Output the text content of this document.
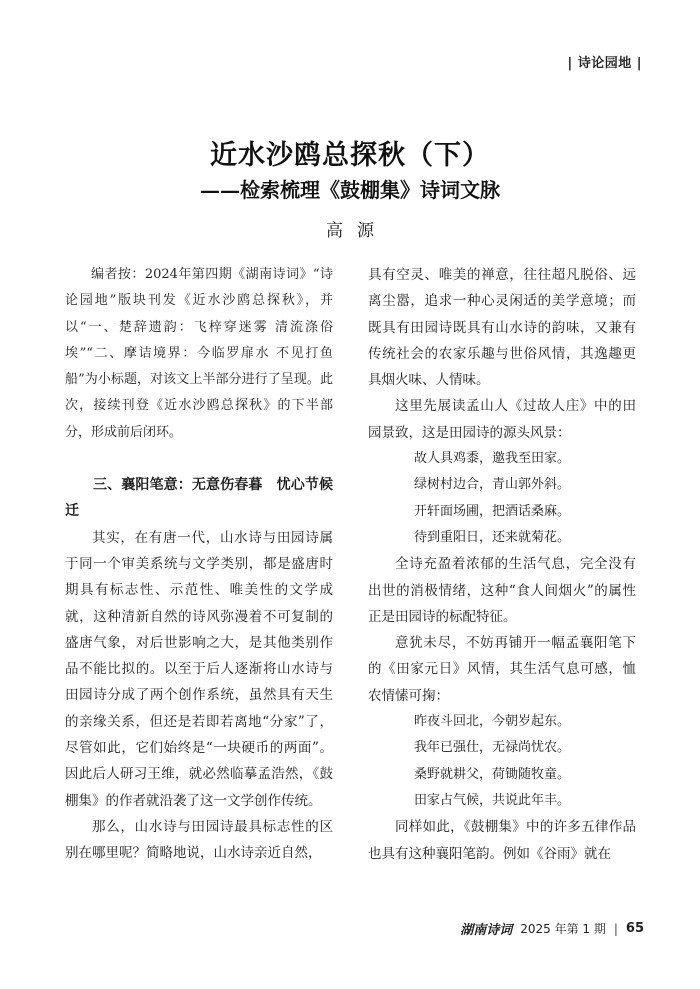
| 诗论园地 |
近水沙鸥总探秋（下）
——检索梳理《鼓棚集》诗词文脉
高源

编者按：2024年第四期《湖南诗词》“诗论园地”版块刊发《近水沙鸥总探秋》，并以“一、楚辞遗韵：飞梓穿迷雾 清流涤俗埃”“二、摩诘境界：今临罗扉水 不见打鱼船”为小标题，对该文上半部分进行了呈现。此次，接续刊登《近水沙鸥总探秋》的下半部分，形成前后闭环。

三、襄阳笔意：无意伤春暮　忧心节候迁

其实，在有唐一代，山水诗与田园诗属于同一个审美系统与文学类别，都是盛唐时期具有标志性、示范性、唯美性的文学成就，这种清新自然的诗风弥漫着不可复制的盛唐气象，对后世影响之大，是其他类别作品不能比拟的。以至于后人逐渐将山水诗与田园诗分成了两个创作系统，虽然具有天生的亲缘关系，但还是若即若离地“分家”了，尽管如此，它们始终是“一块硬币的两面”。因此后人研习王维，就必然临摹孟浩然，《鼓棚集》的作者就沿袭了这一文学创作传统。

那么，山水诗与田园诗最具标志性的区别在哪里呢？简略地说，山水诗亲近自然，

具有空灵、唯美的禅意，往往超凡脱俗、远离尘嚣，追求一种心灵闲适的美学意境；而既具有田园诗既具有山水诗的韵味，又兼有传统社会的农家乐趣与世俗风情，其逸趣更具烟火味、人情味。

这里先展读孟山人《过故人庄》中的田园景致，这是田园诗的源头风景：

故人具鸡黍，邀我至田家。
绿树村边合，青山郭外斜。
开轩面场圃，把酒话桑麻。
待到重阳日，还来就菊花。

全诗充盈着浓郁的生活气息，完全没有出世的消极情绪，这种“食人间烟火”的属性正是田园诗的标配特征。

意犹未尽，不妨再铺开一幅孟襄阳笔下的《田家元日》风情，其生活气息可感，恤农情愫可掬：

昨夜斗回北，今朝岁起东。
我年已强仕，无禄尚忧农。
桑野就耕父，荷锄随牧童。
田家占气候，共说此年丰。

同样如此，《鼓棚集》中的许多五律作品也具有这种襄阳笔韵。例如《谷雨》就在

湖南诗词 2025 年第 1 期 | 65
